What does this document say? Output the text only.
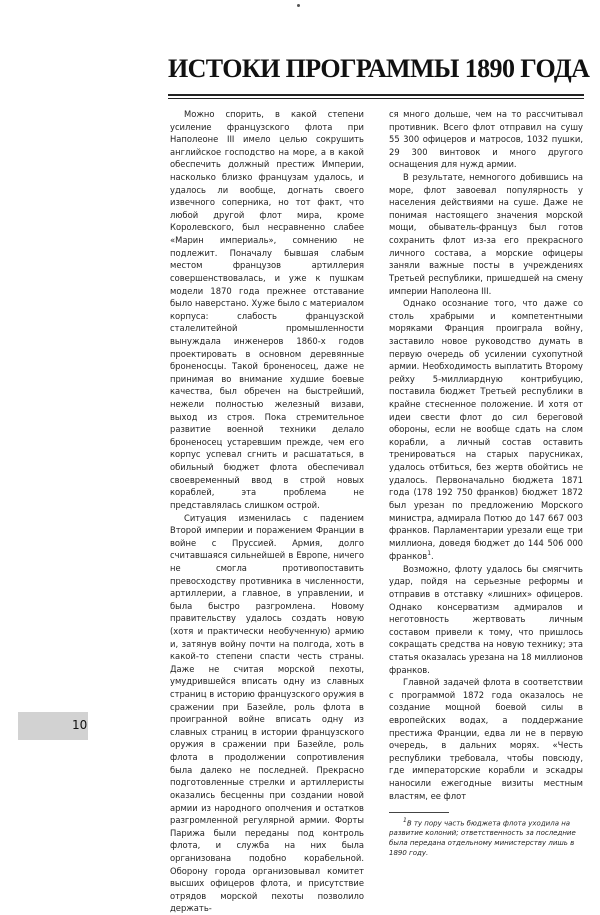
ИСТОКИ ПРОГРАММЫ 1890 ГОДА

Можно спорить, в какой степени усиление французского флота при Наполеоне III имело целью сокрушить английское господство на море, а в какой обеспечить должный престиж Империи, насколько близко французам удалось, и удалось ли вообще, догнать своего извечного соперника, но тот факт, что любой другой флот мира, кроме Королевского, был несравненно слабее «Марин империаль», сомнению не подлежит. Поначалу бывшая слабым местом французов артиллерия совершенствовалась, и уже к пушкам модели 1870 года прежнее отставание было наверстано. Хуже было с материалом корпуса: слабость французской сталелитейной промышленности вынуждала инженеров 1860-х годов проектировать в основном деревянные броненосцы. Такой броненосец, даже не принимая во внимание худшие боевые качества, был обречен на быстрейший, нежели полностью железный визави, выход из строя. Пока стремительное развитие военной техники делало броненосец устаревшим прежде, чем его корпус успевал сгнить и расшататься, в обильный бюджет флота обеспечивал своевременный ввод в строй новых кораблей, эта проблема не представлялась слишком острой.

Ситуация изменилась с падением Второй империи и поражением Франции в войне с Пруссией. Армия, долго считавшаяся сильнейшей в Европе, ничего не смогла противопоставить превосходству противника в численности, артиллерии, а главное, в управлении, и была быстро разгромлена. Новому правительству удалось создать новую (хотя и практически необученную) армию и, затянув войну почти на полгода, хоть в какой-то степени спасти честь страны. Даже не считая морской пехоты, умудрившейся вписать одну из славных страниц в историю французского оружия в сражении при Базейле, роль флота в проигранной войне вписать одну из славных страниц в истории французского оружия в сражении при Базейле, роль флота в продолжении сопротивления была далеко не последней. Прекрасно подготовленные стрелки и артиллеристы оказались бесценны при создании новой армии из народного ополчения и остатков разгромленной регулярной армии. Форты Парижа были переданы под контроль флота, и служба на них была организована подобно корабельной. Оборону города организовывал комитет высших офицеров флота, и присутствие отрядов морской пехоты позволило держать-

ся много дольше, чем на то рассчитывал противник. Всего флот отправил на сушу 55 300 офицеров и матросов, 1032 пушки, 29 300 винтовок и много другого оснащения для нужд армии.

В результате, немногого добившись на море, флот завоевал популярность у населения действиями на суше. Даже не понимая настоящего значения морской мощи, обыватель-француз был готов сохранить флот из-за его прекрасного личного состава, а морские офицеры заняли важные посты в учреждениях Третьей республики, пришедшей на смену империи Наполеона III.

Однако осознание того, что даже со столь храбрыми и компетентными моряками Франция проиграла войну, заставило новое руководство думать в первую очередь об усилении сухопутной армии. Необходимость выплатить Второму рейху 5-миллиардную контрибуцию, поставила бюджет Третьей республики в крайне стесненное положение. И хотя от идеи свести флот до сил береговой обороны, если не вообще сдать на слом корабли, а личный состав оставить тренироваться на старых парусниках, удалось отбиться, без жертв обойтись не удалось. Первоначально бюджета 1871 года (178 192 750 франков) бюджет 1872 был урезан по предложению Морского министра, адмирала Потюо до 147 667 003 франков. Парламентарии урезали еще три миллиона, доведя бюджет до 144 506 000 франков$^1$.

Возможно, флоту удалось бы смягчить удар, пойдя на серьезные реформы и отправив в отставку «лишних» офицеров. Однако консерватизм адмиралов и неготовность жертвовать личным составом привели к тому, что пришлось сокращать средства на новую технику; эта статья оказалась урезана на 18 миллионов франков.

Главной задачей флота в соответствии с программой 1872 года оказалось не создание мощной боевой силы в европейских водах, а поддержание престижа Франции, едва ли не в первую очередь, в дальних морях. «Честь республики требовала, чтобы повсюду, где императорские корабли и эскадры наносили ежегодные визиты местным властям, ее флот

$^1$В ту пору часть бюджета флота уходила на развитие колоний; ответственность за последние была передана отдельному министерству лишь в 1890 году.

10
